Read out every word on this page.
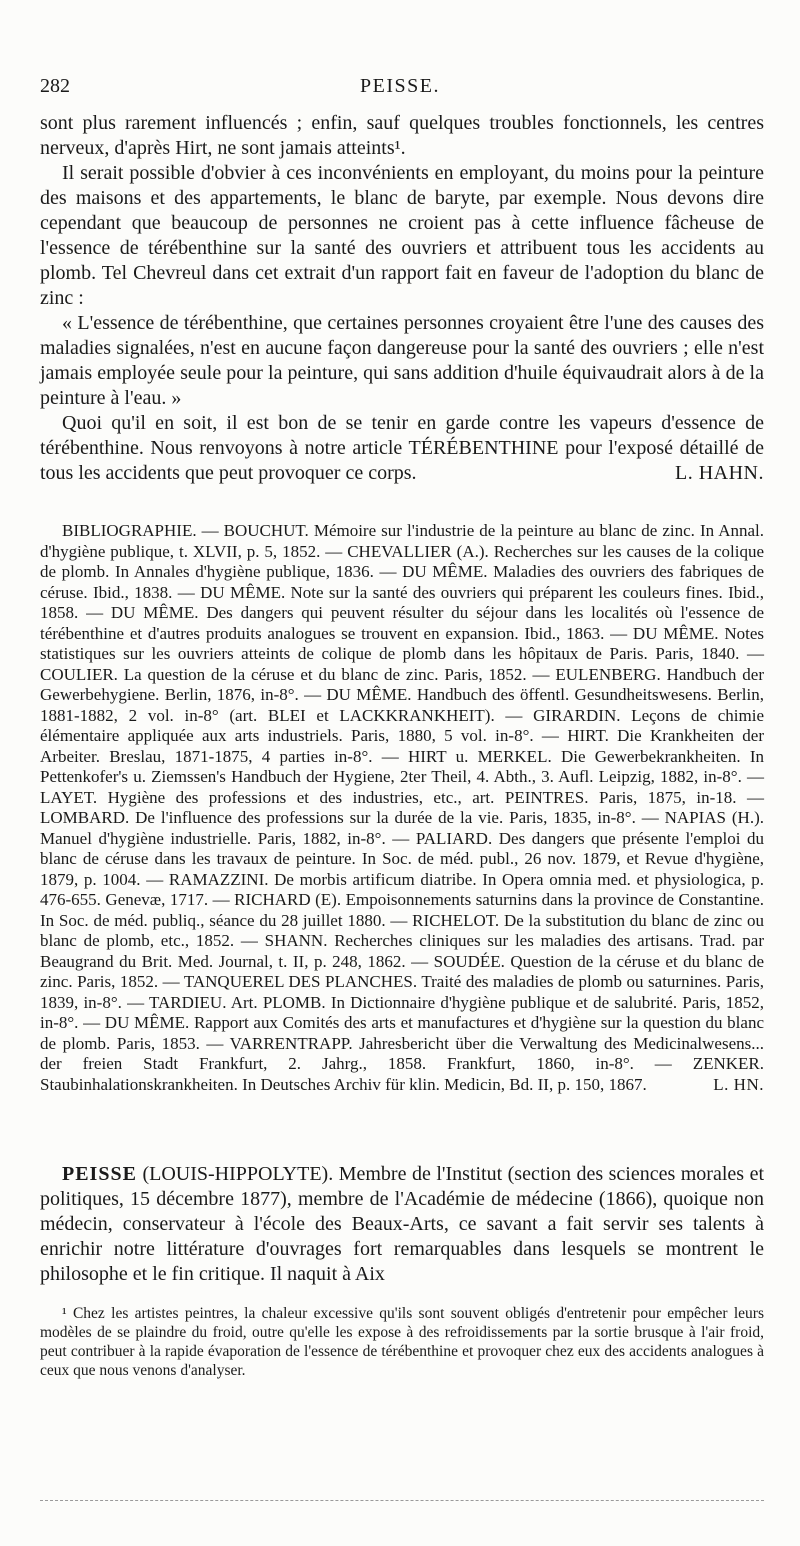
282	PEISSE.

sont plus rarement influencés ; enfin, sauf quelques troubles fonctionnels, les centres nerveux, d'après Hirt, ne sont jamais atteints¹.

Il serait possible d'obvier à ces inconvénients en employant, du moins pour la peinture des maisons et des appartements, le blanc de baryte, par exemple. Nous devons dire cependant que beaucoup de personnes ne croient pas à cette influence fâcheuse de l'essence de térébenthine sur la santé des ouvriers et attribuent tous les accidents au plomb. Tel Chevreul dans cet extrait d'un rapport fait en faveur de l'adoption du blanc de zinc :

« L'essence de térébenthine, que certaines personnes croyaient être l'une des causes des maladies signalées, n'est en aucune façon dangereuse pour la santé des ouvriers ; elle n'est jamais employée seule pour la peinture, qui sans addition d'huile équivaudrait alors à de la peinture à l'eau. »

Quoi qu'il en soit, il est bon de se tenir en garde contre les vapeurs d'essence de térébenthine. Nous renvoyons à notre article TÉRÉBENTHINE pour l'exposé détaillé de tous les accidents que peut provoquer ce corps.	L. HAHN.

BIBLIOGRAPHIE. — BOUCHUT. Mémoire sur l'industrie de la peinture au blanc de zinc. In Annal. d'hygiène publique, t. XLVII, p. 5, 1852. — CHEVALLIER (A.). Recherches sur les causes de la colique de plomb. In Annales d'hygiène publique, 1836. — DU MÊME. Maladies des ouvriers des fabriques de céruse. Ibid., 1838. — DU MÊME. Note sur la santé des ouvriers qui préparent les couleurs fines. Ibid., 1858. — DU MÊME. Des dangers qui peuvent résulter du séjour dans les localités où l'essence de térébenthine et d'autres produits analogues se trouvent en expansion. Ibid., 1863. — DU MÊME. Notes statistiques sur les ouvriers atteints de colique de plomb dans les hôpitaux de Paris. Paris, 1840. — COULIER. La question de la céruse et du blanc de zinc. Paris, 1852. — EULENBERG. Handbuch der Gewerbehygiene. Berlin, 1876, in-8°. — DU MÊME. Handbuch des öffentl. Gesundheitswesens. Berlin, 1881-1882, 2 vol. in-8° (art. BLEI et LACKKRANKHEIT). — GIRARDIN. Leçons de chimie élémentaire appliquée aux arts industriels. Paris, 1880, 5 vol. in-8°. — HIRT. Die Krankheiten der Arbeiter. Breslau, 1871-1875, 4 parties in-8°. — HIRT u. MERKEL. Die Gewerbekrankheiten. In Pettenkofer's u. Ziemssen's Handbuch der Hygiene, 2ter Theil, 4. Abth., 3. Aufl. Leipzig, 1882, in-8°. — LAYET. Hygiène des professions et des industries, etc., art. PEINTRES. Paris, 1875, in-18. — LOMBARD. De l'influence des professions sur la durée de la vie. Paris, 1835, in-8°. — NAPIAS (H.). Manuel d'hygiène industrielle. Paris, 1882, in-8°. — PALIARD. Des dangers que présente l'emploi du blanc de céruse dans les travaux de peinture. In Soc. de méd. publ., 26 nov. 1879, et Revue d'hygiène, 1879, p. 1004. — RAMAZZINI. De morbis artificum diatribe. In Opera omnia med. et physiologica, p. 476-655. Genevæ, 1717. — RICHARD (E). Empoisonnements saturnins dans la province de Constantine. In Soc. de méd. publiq., séance du 28 juillet 1880. — RICHELOT. De la substitution du blanc de zinc ou blanc de plomb, etc., 1852. — SHANN. Recherches cliniques sur les maladies des artisans. Trad. par Beaugrand du Brit. Med. Journal, t. II, p. 248, 1862. — SOUDÉE. Question de la céruse et du blanc de zinc. Paris, 1852. — TANQUEREL DES PLANCHES. Traité des maladies de plomb ou saturnines. Paris, 1839, in-8°. — TARDIEU. Art. PLOMB. In Dictionnaire d'hygiène publique et de salubrité. Paris, 1852, in-8°. — DU MÊME. Rapport aux Comités des arts et manufactures et d'hygiène sur la question du blanc de plomb. Paris, 1853. — VARRENTRAPP. Jahresbericht über die Verwaltung des Medicinalwesens... der freien Stadt Frankfurt, 2. Jahrg., 1858. Frankfurt, 1860, in-8°. — ZENKER. Staubinhalationskrankheiten. In Deutsches Archiv für klin. Medicin, Bd. II, p. 150, 1867.	L. HN.

PEISSE (LOUIS-HIPPOLYTE). Membre de l'Institut (section des sciences morales et politiques, 15 décembre 1877), membre de l'Académie de médecine (1866), quoique non médecin, conservateur à l'école des Beaux-Arts, ce savant a fait servir ses talents à enrichir notre littérature d'ouvrages fort remarquables dans lesquels se montrent le philosophe et le fin critique. Il naquit à Aix

¹ Chez les artistes peintres, la chaleur excessive qu'ils sont souvent obligés d'entretenir pour empêcher leurs modèles de se plaindre du froid, outre qu'elle les expose à des refroidissements par la sortie brusque à l'air froid, peut contribuer à la rapide évaporation de l'essence de térébenthine et provoquer chez eux des accidents analogues à ceux que nous venons d'analyser.
